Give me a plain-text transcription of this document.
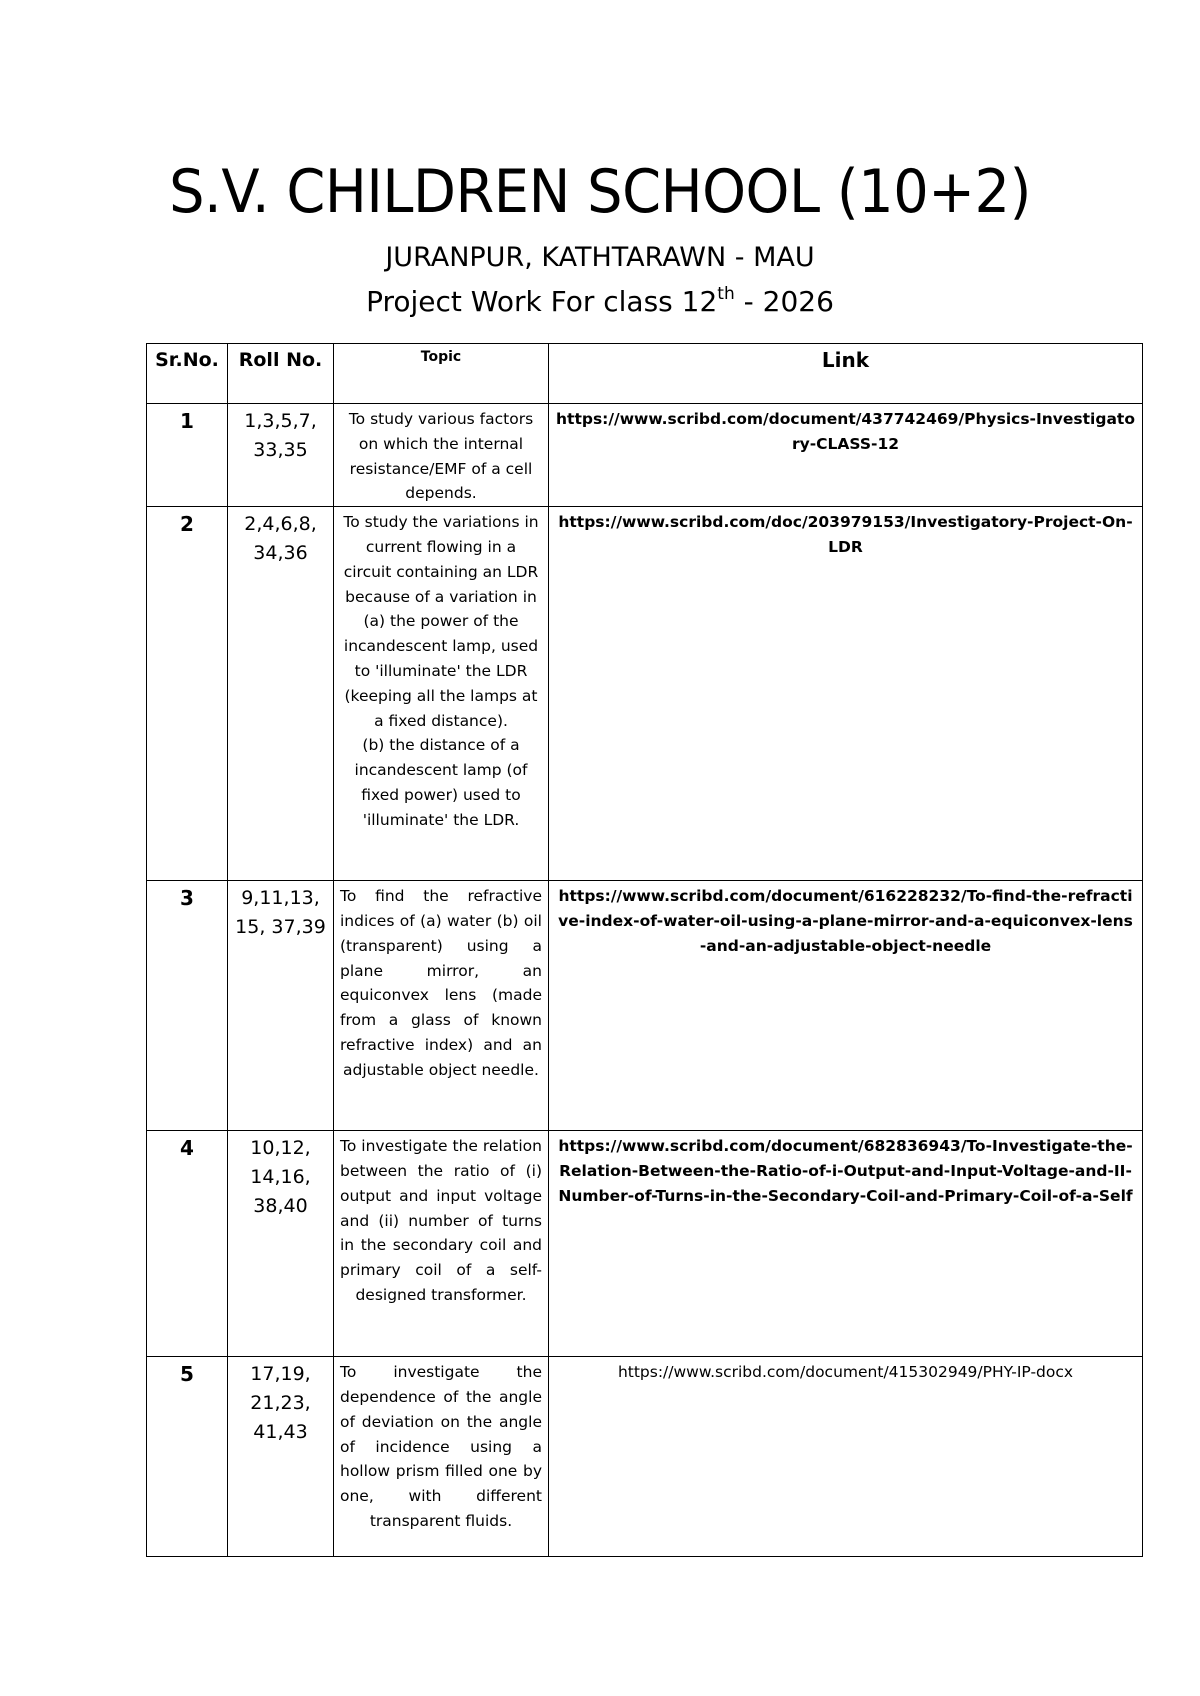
S.V. CHILDREN SCHOOL (10+2)
JURANPUR, KATHTARAWN - MAU
Project Work For class 12th - 2026
Sr.No.	Roll No.	Topic	Link
1	1,3,5,7, 33,35	To study various factors on which the internal resistance/EMF of a cell depends.	https://www.scribd.com/document/437742469/Physics-Investigatory-CLASS-12
2	2,4,6,8, 34,36	To study the variations in current flowing in a circuit containing an LDR because of a variation in
(a) the power of the incandescent lamp, used to 'illuminate' the LDR (keeping all the lamps at a fixed distance).
(b) the distance of a incandescent lamp (of fixed power) used to 'illuminate' the LDR.	https://www.scribd.com/doc/203979153/Investigatory-Project-On-LDR
3	9,11,13, 15, 37,39	To find the refractive indices of (a) water (b) oil (transparent) using a plane mirror, an equiconvex lens (made from a glass of known refractive index) and an adjustable object needle.	https://www.scribd.com/document/616228232/To-find-the-refractive-index-of-water-oil-using-a-plane-mirror-and-a-equiconvex-lens-and-an-adjustable-object-needle
4	10,12, 14,16, 38,40	To investigate the relation between the ratio of (i) output and input voltage and (ii) number of turns in the secondary coil and primary coil of a self-designed transformer.	https://www.scribd.com/document/682836943/To-Investigate-the-Relation-Between-the-Ratio-of-i-Output-and-Input-Voltage-and-II-Number-of-Turns-in-the-Secondary-Coil-and-Primary-Coil-of-a-Self
5	17,19, 21,23, 41,43	To investigate the dependence of the angle of deviation on the angle of incidence using a hollow prism filled one by one, with different transparent fluids.	https://www.scribd.com/document/415302949/PHY-IP-docx
